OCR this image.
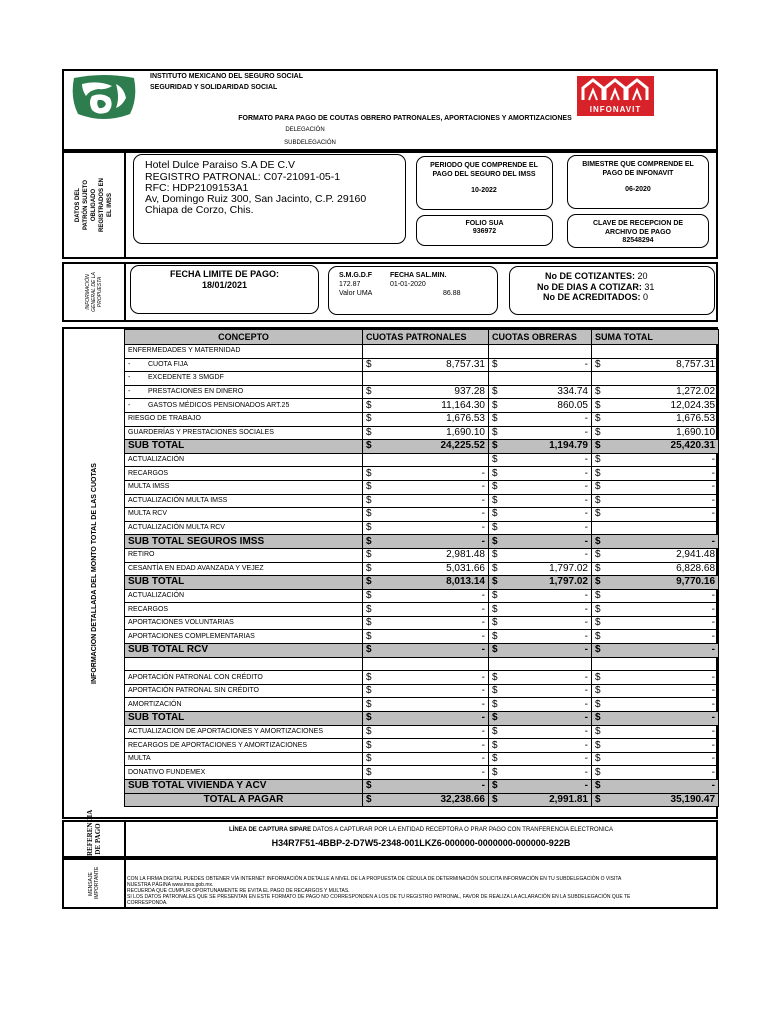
INSTITUTO MEXICANO DEL SEGURO SOCIAL
SEGURIDAD Y SOLIDARIDAD SOCIAL
INFONAVIT
FORMATO PARA PAGO DE COUTAS OBRERO PATRONALES, APORTACIONES Y AMORTIZACIONES
DELEGACIÓN
SUBDELEGACIÓN
DATOS DEL PATRÓN SUJETO OBLIGADO REGISTRADOS EN EL IMSS
Hotel Dulce Paraiso S.A DE C.V
REGISTRO PATRONAL: C07-21091-05-1
RFC: HDP2109153A1
Av, Domingo Ruiz 300, San Jacinto, C.P. 29160
Chiapa de Corzo, Chis.
PERIODO QUE COMPRENDE EL PAGO DEL SEGURO DEL IMSS
10-2022
BIMESTRE QUE COMPRENDE EL PAGO DE INFONAVIT
06-2020
FOLIO SUA
936972
CLAVE DE RECEPCION DE ARCHIVO DE PAGO
82548294
INFORMACIÓN GENERAL DE LA PROPUESTA
FECHA LIMITE DE PAGO:
18/01/2021
S.M.G.D.F	FECHA SAL.MIN.
172.87	01-01-2020
Valor UMA	86.88
No DE COTIZANTES: 20
No DE DIAS A COTIZAR: 31
No DE ACREDITADOS: 0
INFORMACION DETALLADA DEL MONTO TOTAL DE LAS CUOTAS
CONCEPTO	CUOTAS PATRONALES		CUOTAS OBRERAS		SUMA TOTAL	
ENFERMEDADES Y MATERNIDAD						
- CUOTA FIJA	$	8,757.31	$	-	$	8,757.31
- EXCEDENTE 3 SMGDF						
- PRESTACIONES EN DINERO	$	937.28	$	334.74	$	1,272.02
- GASTOS MÉDICOS PENSIONADOS ART.25	$	11,164.30	$	860.05	$	12,024.35
RIESGO DE TRABAJO	$	1,676.53	$	-	$	1,676.53
GUARDERÍAS Y PRESTACIONES SOCIALES	$	1,690.10	$	-	$	1,690.10
SUB TOTAL	$	24,225.52	$	1,194.79	$	25,420.31
ACTUALIZACIÓN			$	-	$	-
RECARGOS	$	-	$	-	$	-
MULTA IMSS	$	-	$	-	$	-
ACTUALIZACIÓN MULTA IMSS	$	-	$	-	$	-
MULTA RCV	$	-	$	-	$	-
ACTUALIZACIÓN MULTA RCV	$	-	$	-		
SUB TOTAL SEGUROS IMSS	$	-	$	-	$	-
RETIRO	$	2,981.48	$	-	$	2,941.48
CESANTÍA EN EDAD AVANZADA Y VEJEZ	$	5,031.66	$	1,797.02	$	6,828.68
SUB TOTAL	$	8,013.14	$	1,797.02	$	9,770.16
ACTUALIZACIÓN	$	-	$	-	$	-
RECARGOS	$	-	$	-	$	-
APORTACIONES VOLUNTARIAS	$	-	$	-	$	-
APORTACIONES COMPLEMENTARIAS	$	-	$	-	$	-
SUB TOTAL RCV	$	-	$	-	$	-

APORTACIÓN PATRONAL CON CRÉDITO	$	-	$	-	$	-
APORTACIÓN PATRONAL SIN CRÉDITO	$	-	$	-	$	-
AMORTIZACIÓN	$	-	$	-	$	-
SUB TOTAL	$	-	$	-	$	-
ACTUALIZACION DE APORTACIONES Y AMORTIZACIONES	$	-	$	-	$	-
RECARGOS DE APORTACIONES Y AMORTIZACIONES	$	-	$	-	$	-
MULTA	$	-	$	-	$	-
DONATIVO FUNDEMEX	$	-	$	-	$	-
SUB TOTAL VIVIENDA Y ACV	$	-	$	-	$	-
TOTAL A PAGAR	$	32,238.66	$	2,991.81	$	35,190.47
REFERENCIA DE PAGO	LÍNEA DE CAPTURA SIPARE DATOS A CAPTURAR POR LA ENTIDAD RECEPTORA O PRAR PAGO CON TRANFERENCIA ELECTRONICA
H34R7F51-4BBP-2-D7W5-2348-001LKZ6-000000-0000000-000000-922B
MENSAJE IMPORTANTE	CON LA FIRMA DIGITAL PUEDES OBTENER VÍA INTERNET INFORMACIÓN A DETALLE A NIVEL DE LA PROPUESTA DE CÉDULA DE DETERMINACIÓN SOLICITA INFORMACIÓN EN TU SUBDELEGACIÓN O VISITA
NUESTRA PÁGINA www.imss.gob.mx.
RECUERDA QUE CUMPLIR OPORTUNAMENTE RE EVITA EL PAGO DE RECARGOS Y MULTAS.
SI LOS DATOS PATRONALES QUE SE PRESENTAN EN ESTE FORMATO DE PAGO NO CORRESPONDEN A LOS DE TU REGISTRO PATRONAL, FAVOR DE REALIZA LA ACLARACIÓN EN LA SUBDELEGACIÓN QUE TE
CORRESPONDA.
